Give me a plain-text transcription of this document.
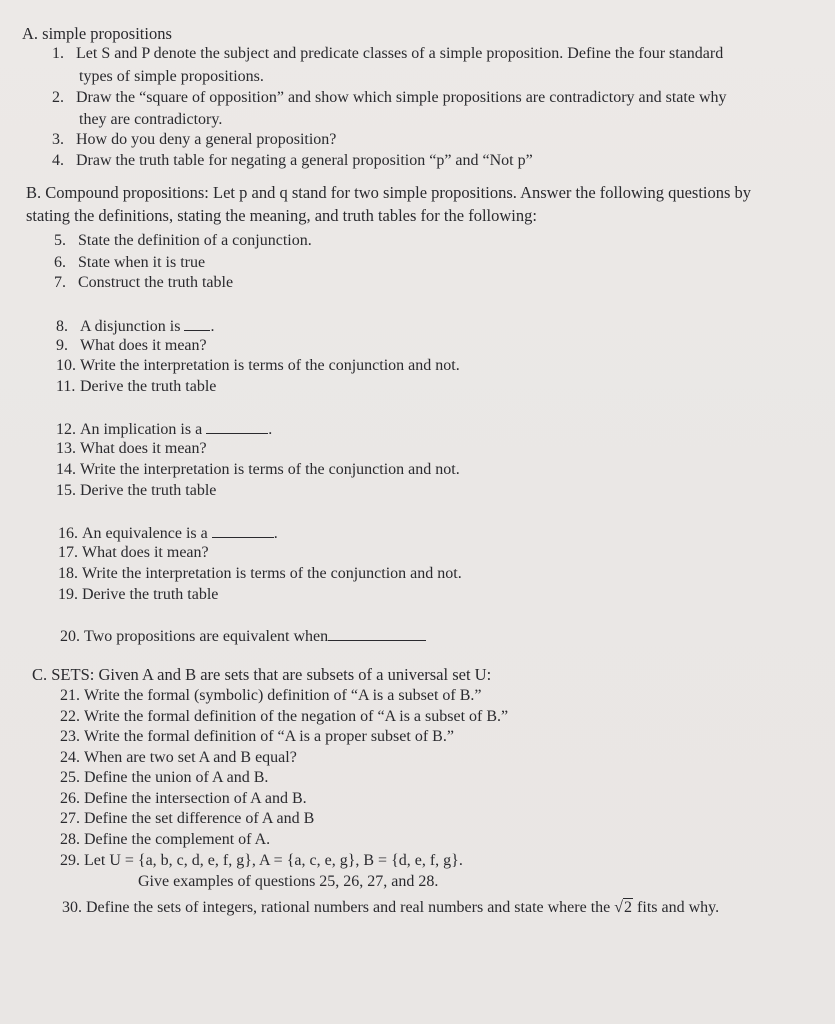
A. simple propositions
1. Let S and P denote the subject and predicate classes of a simple proposition. Define the four standard
types of simple propositions.
2. Draw the “square of opposition” and show which simple propositions are contradictory and state why
they are contradictory.
3. How do you deny a general proposition?
4. Draw the truth table for negating a general proposition “p” and “Not p”
B. Compound propositions: Let p and q stand for two simple propositions. Answer the following questions by
stating the definitions, stating the meaning, and truth tables for the following:
5. State the definition of a conjunction.
6. State when it is true
7. Construct the truth table
8. A disjunction is .
9. What does it mean?
10. Write the interpretation is terms of the conjunction and not.
11. Derive the truth table
12. An implication is a	.
13. What does it mean?
14. Write the interpretation is terms of the conjunction and not.
15. Derive the truth table
16. An equivalence is a	.
17. What does it mean?
18. Write the interpretation is terms of the conjunction and not.
19. Derive the truth table
20. Two propositions are equivalent when
C. SETS: Given A and B are sets that are subsets of a universal set U:
21. Write the formal (symbolic) definition of “A is a subset of B.”
22. Write the formal definition of the negation of “A is a subset of B.”
23. Write the formal definition of “A is a proper subset of B.”
24. When are two set A and B equal?
25. Define the union of A and B.
26. Define the intersection of A and B.
27. Define the set difference of A and B
28. Define the complement of A.
29. Let U = {a, b, c, d, e, f, g}, A = {a, c, e, g}, B = {d, e, f, g}.
Give examples of questions 25, 26, 27, and 28.
30. Define the sets of integers, rational numbers and real numbers and state where the √2 fits and why.
